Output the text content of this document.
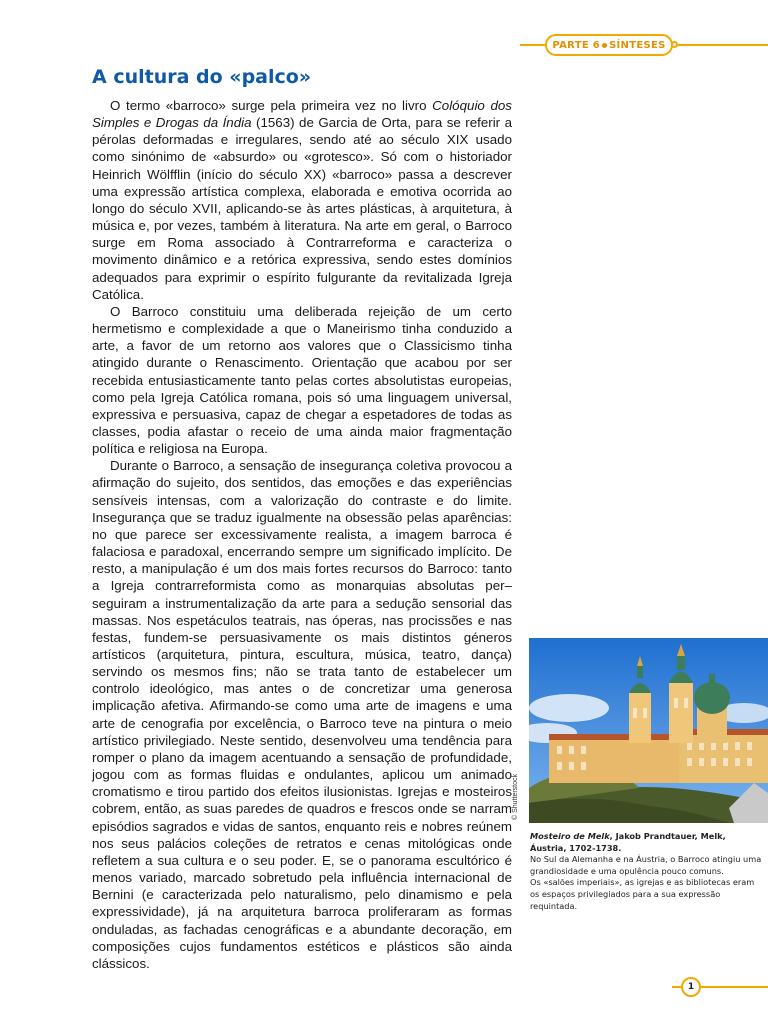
PARTE 6 SÍNTESES
A cultura do «palco»

O termo «barroco» surge pela primeira vez no livro Colóquio dos Simples e Drogas da Índia (1563) de Garcia de Orta, para se referir a pérolas deformadas e irregulares, sendo até ao século XIX usado como sinónimo de «absurdo» ou «grotesco». Só com o historiador Heinrich Wölfflin (início do século XX) «barroco» passa a descrever uma expressão artística complexa, elaborada e emotiva ocorrida ao longo do século XVII, aplicando-se às artes plásticas, à arquitetura, à música e, por vezes, também à literatura. Na arte em geral, o Barroco surge em Roma associado à Contrarreforma e caracteriza o movimento dinâmico e a retórica expressiva, sendo estes domínios adequados para exprimir o espírito fulgurante da revitalizada Igreja Católica.

O Barroco constituiu uma deliberada rejeição de um certo hermetismo e complexidade a que o Maneirismo tinha conduzido a arte, a favor de um retorno aos valores que o Classicismo tinha atingido durante o Renascimento. Orientação que acabou por ser recebida entusiasticamente tanto pelas cortes absolutistas europeias, como pela Igreja Católica romana, pois só uma linguagem universal, expressiva e persuasiva, capaz de chegar a espetadores de todas as classes, podia afastar o receio de uma ainda maior fragmentação política e religiosa na Europa.

Durante o Barroco, a sensação de insegurança coletiva provocou a afirmação do sujeito, dos sentidos, das emoções e das experiências sensíveis intensas, com a valorização do contraste e do limite. Insegurança que se traduz igualmente na obsessão pelas aparências: no que parece ser excessivamente realista, a imagem barroca é falaciosa e paradoxal, encerrando sempre um significado implícito. De resto, a manipulação é um dos mais fortes recursos do Barroco: tanto a Igreja contrarreformista como as monarquias absolutas per– seguiram a instrumentalização da arte para a sedução sensorial das massas. Nos espetáculos teatrais, nas óperas, nas procissões e nas festas, fundem-se persuasivamente os mais distintos géneros artísticos (arquitetura, pintura, escultura, música, teatro, dança) servindo os mesmos fins; não se trata tanto de estabelecer um controlo ideológico, mas antes o de concretizar uma generosa implicação afetiva. Afirmando-se como uma arte de imagens e uma arte de cenografia por excelência, o Barroco teve na pintura o meio artístico privilegiado. Neste sentido, desenvolveu uma tendência para romper o plano da imagem acentuando a sensação de profundidade, jogou com as formas fluidas e ondulantes, aplicou um animado cromatismo e tirou partido dos efeitos ilusionistas. Igrejas e mosteiros cobrem, então, as suas paredes de quadros e frescos onde se narram episódios sagrados e vidas de santos, enquanto reis e nobres reúnem nos seus palácios coleções de retratos e cenas mitológicas onde refletem a sua cultura e o seu poder. E, se o panorama escultórico é menos variado, marcado sobretudo pela influência internacional de Bernini (e caracterizada pelo naturalismo, pelo dinamismo e pela expressividade), já na arquitetura barroca proliferaram as formas onduladas, as fachadas cenográficas e a abundante decoração, em composições cujos fundamentos estéticos e plásticos são ainda clássicos.

© Shutterstock

Mosteiro de Melk, Jakob Prandtauer, Melk, Áustria, 1702-1738.

No Sul da Alemanha e na Áustria, o Barroco atingiu uma grandiosidade e uma opulência pouco comuns.

Os «salões imperiais», as igrejas e as bibliotecas eram os espaços privilegiados para a sua expressão requintada.

1
